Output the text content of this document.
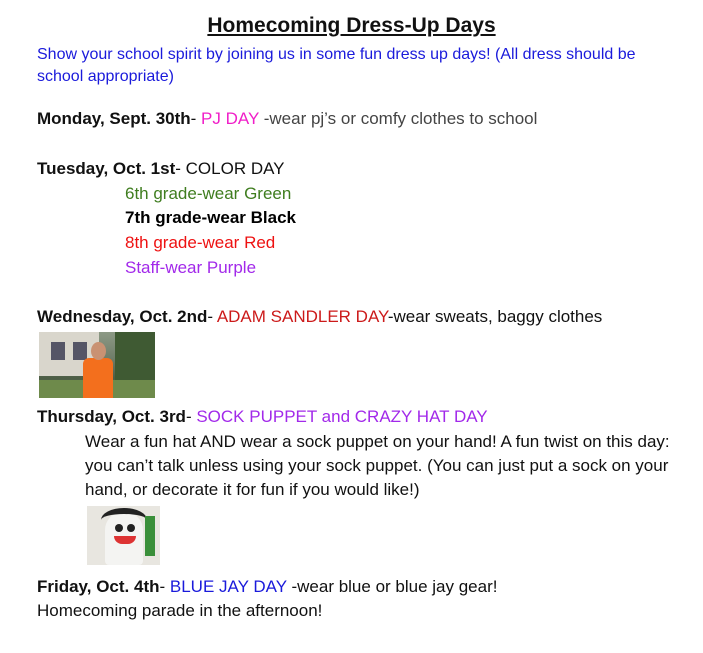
Homecoming Dress-Up Days
Show your school spirit by joining us in some fun dress up days! (All dress should be school appropriate)
Monday, Sept. 30th- PJ DAY -wear pj’s or comfy clothes to school
Tuesday, Oct. 1st- COLOR DAY
6th grade-wear Green
7th grade-wear Black
8th grade-wear Red
Staff-wear Purple
Wednesday, Oct. 2nd- ADAM SANDLER DAY-wear sweats, baggy clothes
Thursday, Oct. 3rd- SOCK PUPPET and CRAZY HAT DAY
Wear a fun hat AND wear a sock puppet on your hand! A fun twist on this day: you can’t talk unless using your sock puppet. (You can just put a sock on your hand, or decorate it for fun if you would like!)
Friday, Oct. 4th- BLUE JAY DAY -wear blue or blue jay gear!
Homecoming parade in the afternoon!
